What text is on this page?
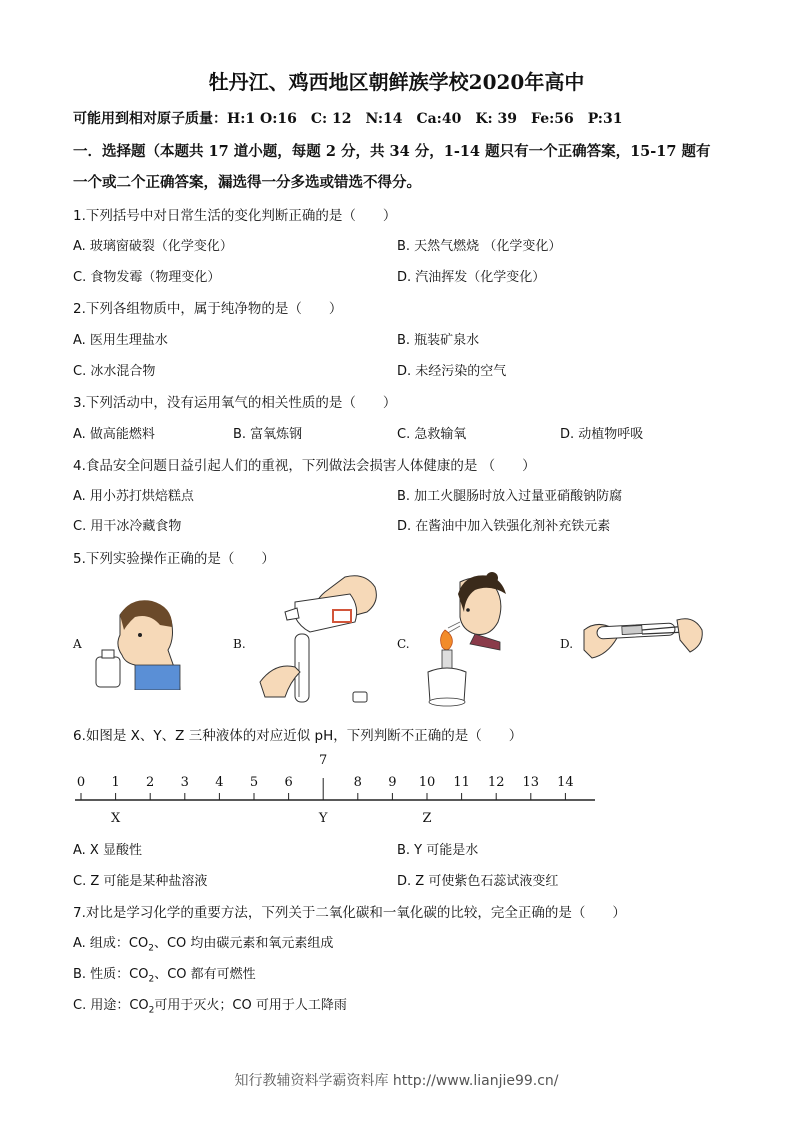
牡丹江、鸡西地区朝鲜族学校2020年高中
可能用到相对原子质量：H:1 O:16　C: 12　N:14　Ca:40　K: 39　Fe:56　P:31
一．选择题（本题共 17 道小题，每题 2 分，共 34 分，1-14 题只有一个正确答案，15-17 题有
一个或二个正确答案，漏选得一分多选或错选不得分。
1.下列括号中对日常生活的变化判断正确的是（　　）
A. 玻璃窗破裂（化学变化）	B. 天然气燃烧 （化学变化）
C. 食物发霉（物理变化）	D. 汽油挥发（化学变化）
2.下列各组物质中，属于纯净物的是（　　）
A. 医用生理盐水	B. 瓶装矿泉水
C. 冰水混合物	D. 未经污染的空气
3.下列活动中，没有运用氧气的相关性质的是（　　）
A. 做高能燃料	B. 富氧炼钢	C. 急救输氧	D. 动植物呼吸
4.食品安全问题日益引起人们的重视，下列做法会损害人体健康的是 （　　）
A. 用小苏打烘焙糕点	B. 加工火腿肠时放入过量亚硝酸钠防腐
C. 用干冰冷藏食物	D. 在酱油中加入铁强化剂补充铁元素
5.下列实验操作正确的是（　　）
A	B.	C.	D.
6.如图是 X、Y、Z 三种液体的对应近似 pH，下列判断不正确的是（　　）
0 1 2 3 4 5 6
7
8 9 10 11 12 13 14
X	Y	Z
A. X 显酸性	B. Y 可能是水
C. Z 可能是某种盐溶液	D. Z 可使紫色石蕊试液变红
7.对比是学习化学的重要方法，下列关于二氧化碳和一氧化碳的比较，完全正确的是（　　）
A. 组成：$CO_2$、CO 均由碳元素和氧元素组成
B. 性质：$CO_2$、CO 都有可燃性
C. 用途：$CO_2$可用于灭火；CO 可用于人工降雨
知行教辅资料学霸资料库 http://www.lianjie99.cn/
